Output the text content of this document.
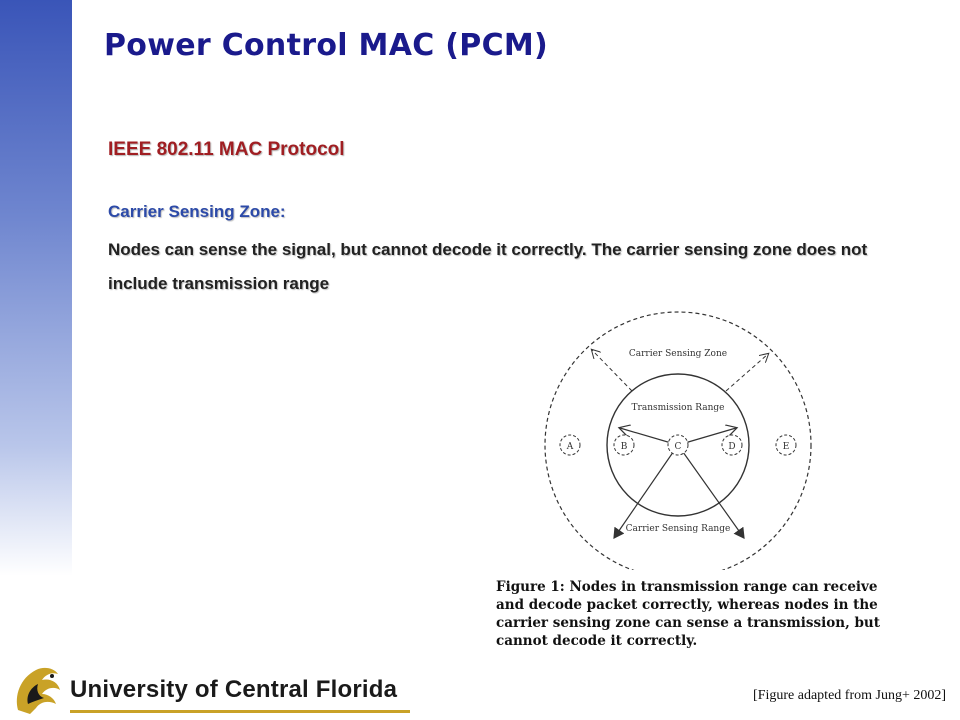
Power Control MAC (PCM)
IEEE 802.11 MAC Protocol
Carrier Sensing Zone:
Nodes can sense the signal, but cannot decode it correctly. The carrier sensing zone does not include transmission range
Carrier Sensing Zone
Transmission Range
Carrier Sensing Range
A	B	C	D	E
Figure 1: Nodes in transmission range can receive
and decode packet correctly, whereas nodes in the
carrier sensing zone can sense a transmission, but
cannot decode it correctly.
[Figure adapted from Jung+ 2002]
University of Central Florida
